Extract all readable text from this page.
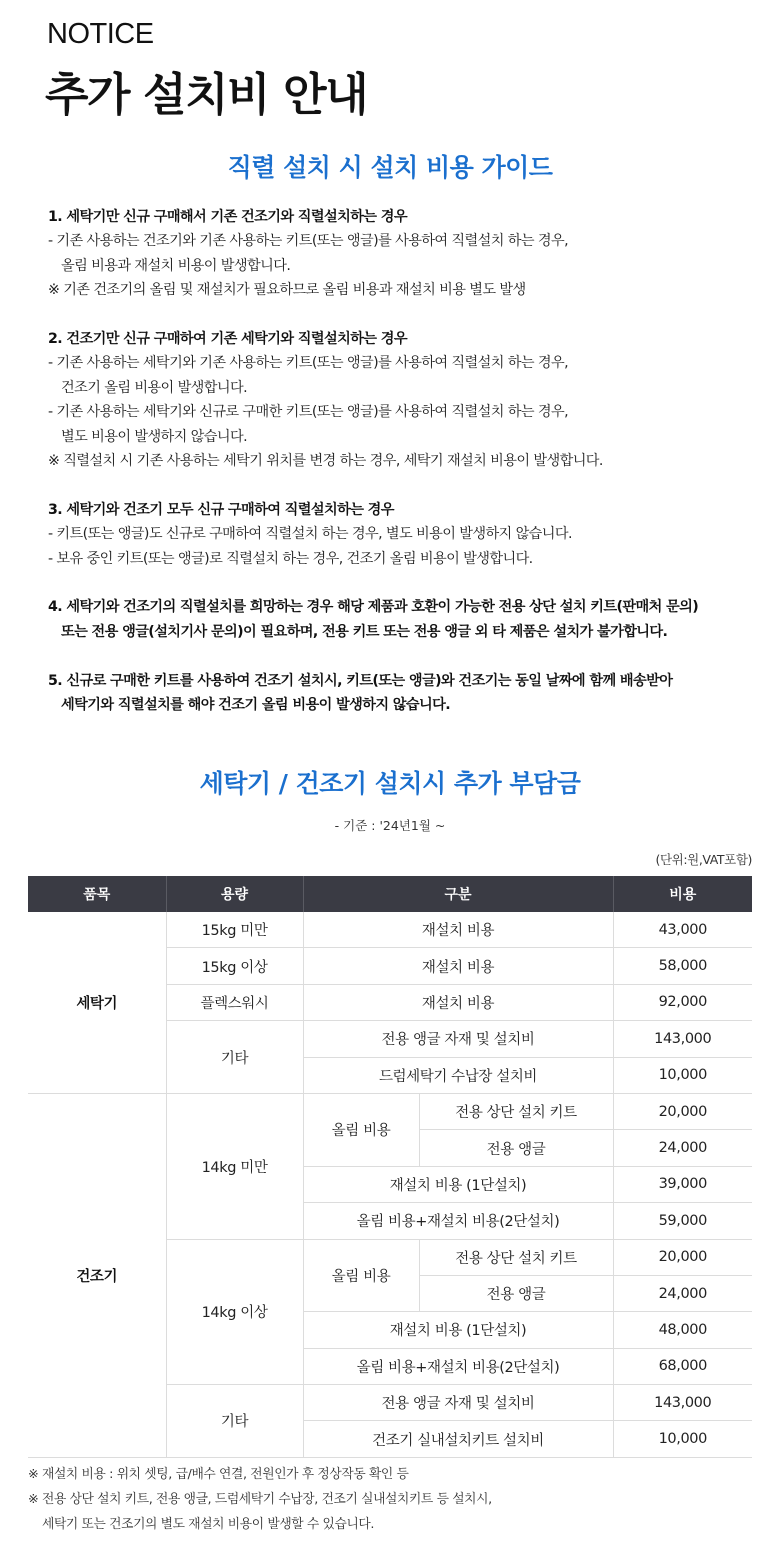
NOTICE
추가 설치비 안내
직렬 설치 시 설치 비용 가이드
1. 세탁기만 신규 구매해서 기존 건조기와 직렬설치하는 경우
- 기존 사용하는 건조기와 기존 사용하는 키트(또는 앵글)를 사용하여 직렬설치 하는 경우,
올림 비용과 재설치 비용이 발생합니다.
※ 기존 건조기의 올림 및 재설치가 필요하므로 올림 비용과 재설치 비용 별도 발생
2. 건조기만 신규 구매하여 기존 세탁기와 직렬설치하는 경우
- 기존 사용하는 세탁기와 기존 사용하는 키트(또는 앵글)를 사용하여 직렬설치 하는 경우,
건조기 올림 비용이 발생합니다.
- 기존 사용하는 세탁기와 신규로 구매한 키트(또는 앵글)를 사용하여 직렬설치 하는 경우,
별도 비용이 발생하지 않습니다.
※ 직렬설치 시 기존 사용하는 세탁기 위치를 변경 하는 경우, 세탁기 재설치 비용이 발생합니다.
3. 세탁기와 건조기 모두 신규 구매하여 직렬설치하는 경우
- 키트(또는 앵글)도 신규로 구매하여 직렬설치 하는 경우, 별도 비용이 발생하지 않습니다.
- 보유 중인 키트(또는 앵글)로 직렬설치 하는 경우, 건조기 올림 비용이 발생합니다.
4. 세탁기와 건조기의 직렬설치를 희망하는 경우 해당 제품과 호환이 가능한 전용 상단 설치 키트(판매처 문의)
또는 전용 앵글(설치기사 문의)이 필요하며, 전용 키트 또는 전용 앵글 외 타 제품은 설치가 불가합니다.
5. 신규로 구매한 키트를 사용하여 건조기 설치시, 키트(또는 앵글)와 건조기는 동일 날짜에 함께 배송받아
세탁기와 직렬설치를 해야 건조기 올림 비용이 발생하지 않습니다.
세탁기 / 건조기 설치시 추가 부담금
- 기준 : '24년1월 ~
(단위:원,VAT포함)
품목	용량	구분		비용
세탁기	15kg 미만	재설치 비용		43,000
	15kg 이상	재설치 비용		58,000
	플렉스워시	재설치 비용		92,000
	기타	전용 앵글 자재 및 설치비		143,000
		드럼세탁기 수납장 설치비		10,000
건조기	14kg 미만	올림 비용	전용 상단 설치 키트	20,000
			전용 앵글	24,000
		재설치 비용 (1단설치)		39,000
		올림 비용+재설치 비용(2단설치)		59,000
	14kg 이상	올림 비용	전용 상단 설치 키트	20,000
			전용 앵글	24,000
		재설치 비용 (1단설치)		48,000
		올림 비용+재설치 비용(2단설치)		68,000
	기타	전용 앵글 자재 및 설치비		143,000
		건조기 실내설치키트 설치비		10,000
※ 재설치 비용 : 위치 셋팅, 급/배수 연결, 전원인가 후 정상작동 확인 등
※ 전용 상단 설치 키트, 전용 앵글, 드럼세탁기 수납장, 건조기 실내설치키트 등 설치시,
세탁기 또는 건조기의 별도 재설치 비용이 발생할 수 있습니다.
